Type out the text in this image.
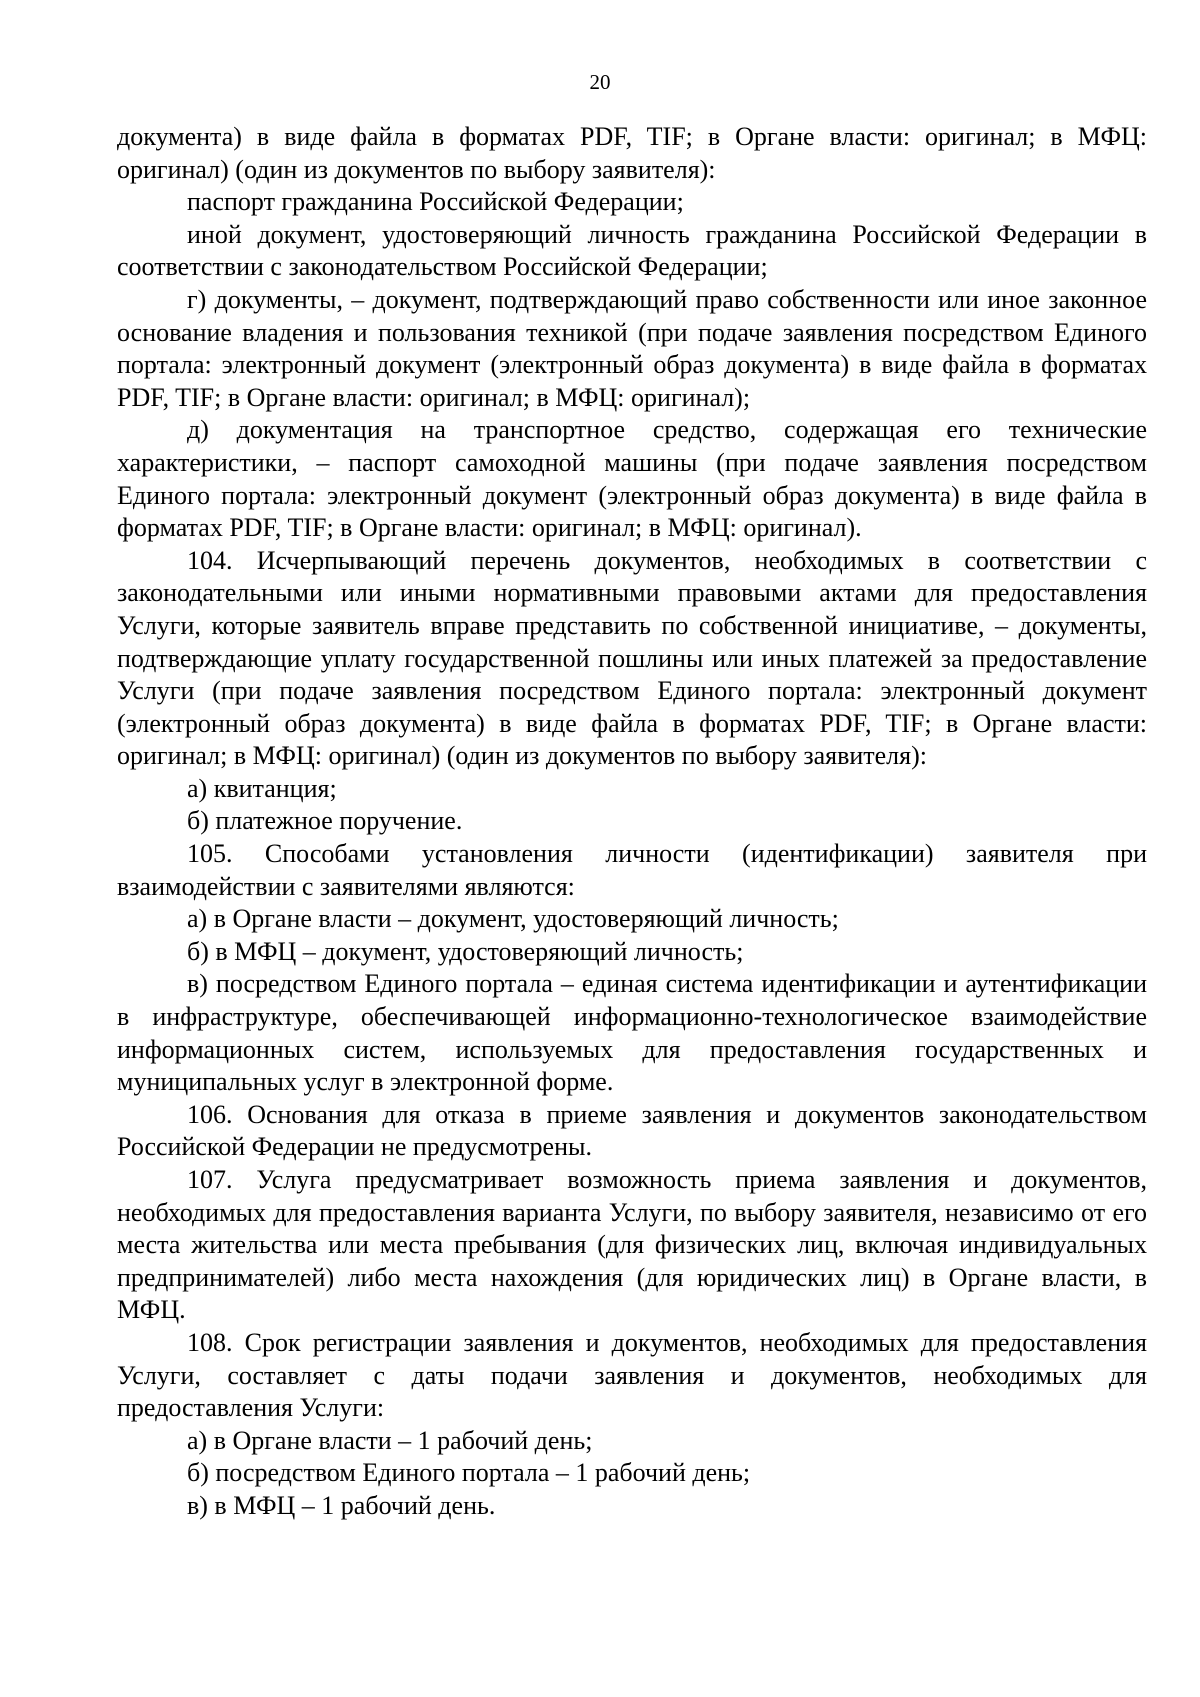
20

документа) в виде файла в форматах PDF, TIF; в Органе власти: оригинал; в МФЦ: оригинал) (один из документов по выбору заявителя):

паспорт гражданина Российской Федерации;

иной документ, удостоверяющий личность гражданина Российской Федерации в соответствии с законодательством Российской Федерации;

г) документы, – документ, подтверждающий право собственности или иное законное основание владения и пользования техникой (при подаче заявления посредством Единого портала: электронный документ (электронный образ документа) в виде файла в форматах PDF, TIF; в Органе власти: оригинал; в МФЦ: оригинал);

д) документация на транспортное средство, содержащая его технические характеристики, – паспорт самоходной машины (при подаче заявления посредством Единого портала: электронный документ (электронный образ документа) в виде файла в форматах PDF, TIF; в Органе власти: оригинал; в МФЦ: оригинал).

104. Исчерпывающий перечень документов, необходимых в соответствии с законодательными или иными нормативными правовыми актами для предоставления Услуги, которые заявитель вправе представить по собственной инициативе, – документы, подтверждающие уплату государственной пошлины или иных платежей за предоставление Услуги (при подаче заявления посредством Единого портала: электронный документ (электронный образ документа) в виде файла в форматах PDF, TIF; в Органе власти: оригинал; в МФЦ: оригинал) (один из документов по выбору заявителя):

а) квитанция;

б) платежное поручение.

105. Способами установления личности (идентификации) заявителя при взаимодействии с заявителями являются:

а) в Органе власти – документ, удостоверяющий личность;

б) в МФЦ – документ, удостоверяющий личность;

в) посредством Единого портала – единая система идентификации и аутентификации в инфраструктуре, обеспечивающей информационно-технологическое взаимодействие информационных систем, используемых для предоставления государственных и муниципальных услуг в электронной форме.

106. Основания для отказа в приеме заявления и документов законодательством Российской Федерации не предусмотрены.

107. Услуга предусматривает возможность приема заявления и документов, необходимых для предоставления варианта Услуги, по выбору заявителя, независимо от его места жительства или места пребывания (для физических лиц, включая индивидуальных предпринимателей) либо места нахождения (для юридических лиц) в Органе власти, в МФЦ.

108. Срок регистрации заявления и документов, необходимых для предоставления Услуги, составляет с даты подачи заявления и документов, необходимых для предоставления Услуги:

а) в Органе власти – 1 рабочий день;

б) посредством Единого портала – 1 рабочий день;

в) в МФЦ – 1 рабочий день.
